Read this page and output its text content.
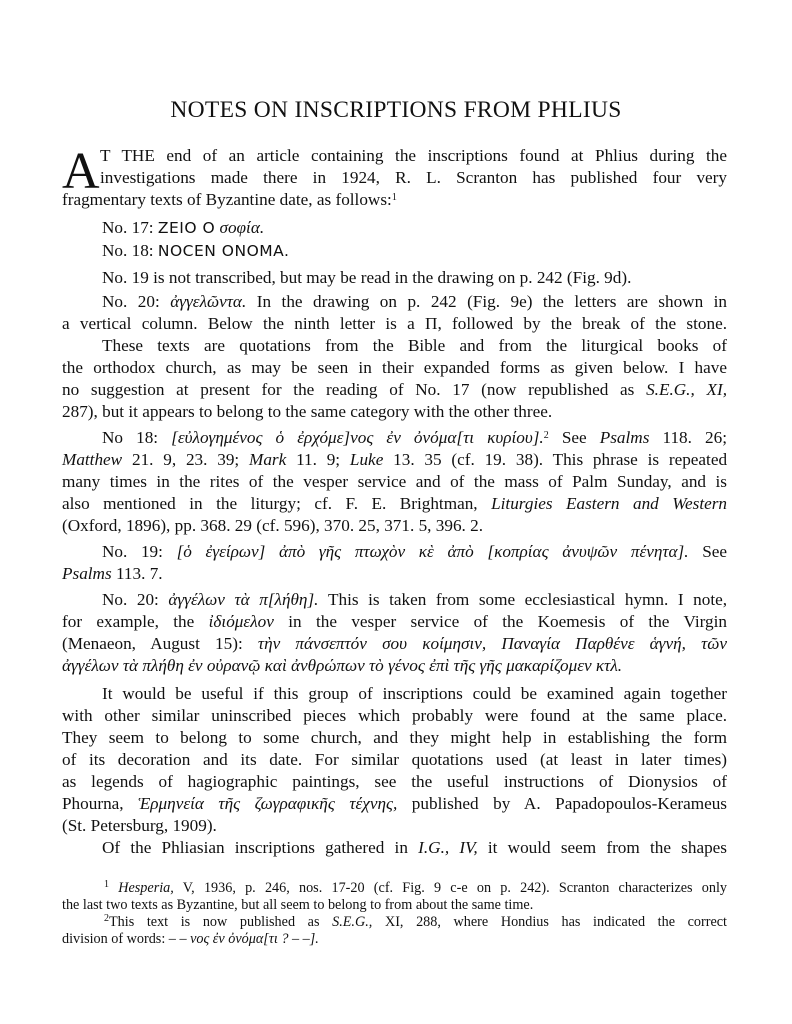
NOTES ON INSCRIPTIONS FROM PHLIUS
A T THE end of an article containing the inscriptions found at Phlius during the
investigations made there in 1924, R. L. Scranton has published four very
fragmentary texts of Byzantine date, as follows:$^1$
No. 17: ZEIO O σοφία.
No. 18: NOCEN ONOMA.
No. 19 is not transcribed, but may be read in the drawing on p. 242 (Fig. 9d).
No. 20: ἀγγελῶντα. In the drawing on p. 242 (Fig. 9e) the letters are shown in
a vertical column. Below the ninth letter is a Π, followed by the break of the stone.
These texts are quotations from the Bible and from the liturgical books of
the orthodox church, as may be seen in their expanded forms as given below. I have
no suggestion at present for the reading of No. 17 (now republished as S.E.G., XI,
287), but it appears to belong to the same category with the other three.
No 18: [εὐλογημένος ὁ ἐρχόμε]νος ἐν ὀνόμα[τι κυρίου].$^2$ See Psalms 118. 26;
Matthew 21. 9, 23. 39; Mark 11. 9; Luke 13. 35 (cf. 19. 38). This phrase is repeated
many times in the rites of the vesper service and of the mass of Palm Sunday, and is
also mentioned in the liturgy; cf. F. E. Brightman, Liturgies Eastern and Western
(Oxford, 1896), pp. 368. 29 (cf. 596), 370. 25, 371. 5, 396. 2.
No. 19: [ὁ ἐγείρων] ἀπὸ γῆς πτωχὸν κὲ ἀπὸ [κοπρίας ἀνυψῶν πένητα]. See
Psalms 113. 7.
No. 20: ἀγγέλων τὰ π[λήθη]. This is taken from some ecclesiastical hymn. I note,
for example, the ἰδιόμελον in the vesper service of the Koemesis of the Virgin
(Menaeon, August 15): τὴν πάνσεπτόν σου κοίμησιν, Παναγία Παρθένε ἁγνή, τῶν
ἀγγέλων τὰ πλήθη ἐν οὐρανῷ καὶ ἀνθρώπων τὸ γένος ἐπὶ τῆς γῆς μακαρίζομεν κτλ.
It would be useful if this group of inscriptions could be examined again together
with other similar uninscribed pieces which probably were found at the same place.
They seem to belong to some church, and they might help in establishing the form
of its decoration and its date. For similar quotations used (at least in later times)
as legends of hagiographic paintings, see the useful instructions of Dionysios of
Phourna, Ἑρμηνεία τῆς ζωγραφικῆς τέχνης, published by A. Papadopoulos-Kerameus
(St. Petersburg, 1909).
Of the Phliasian inscriptions gathered in I.G., IV, it would seem from the shapes
$^1$ Hesperia, V, 1936, p. 246, nos. 17-20 (cf. Fig. 9 c-e on p. 242). Scranton characterizes only
the last two texts as Byzantine, but all seem to belong to from about the same time.
$^2$This text is now published as S.E.G., XI, 288, where Hondius has indicated the correct
division of words: – – νος ἐν ὀνόμα[τι ? – –].
